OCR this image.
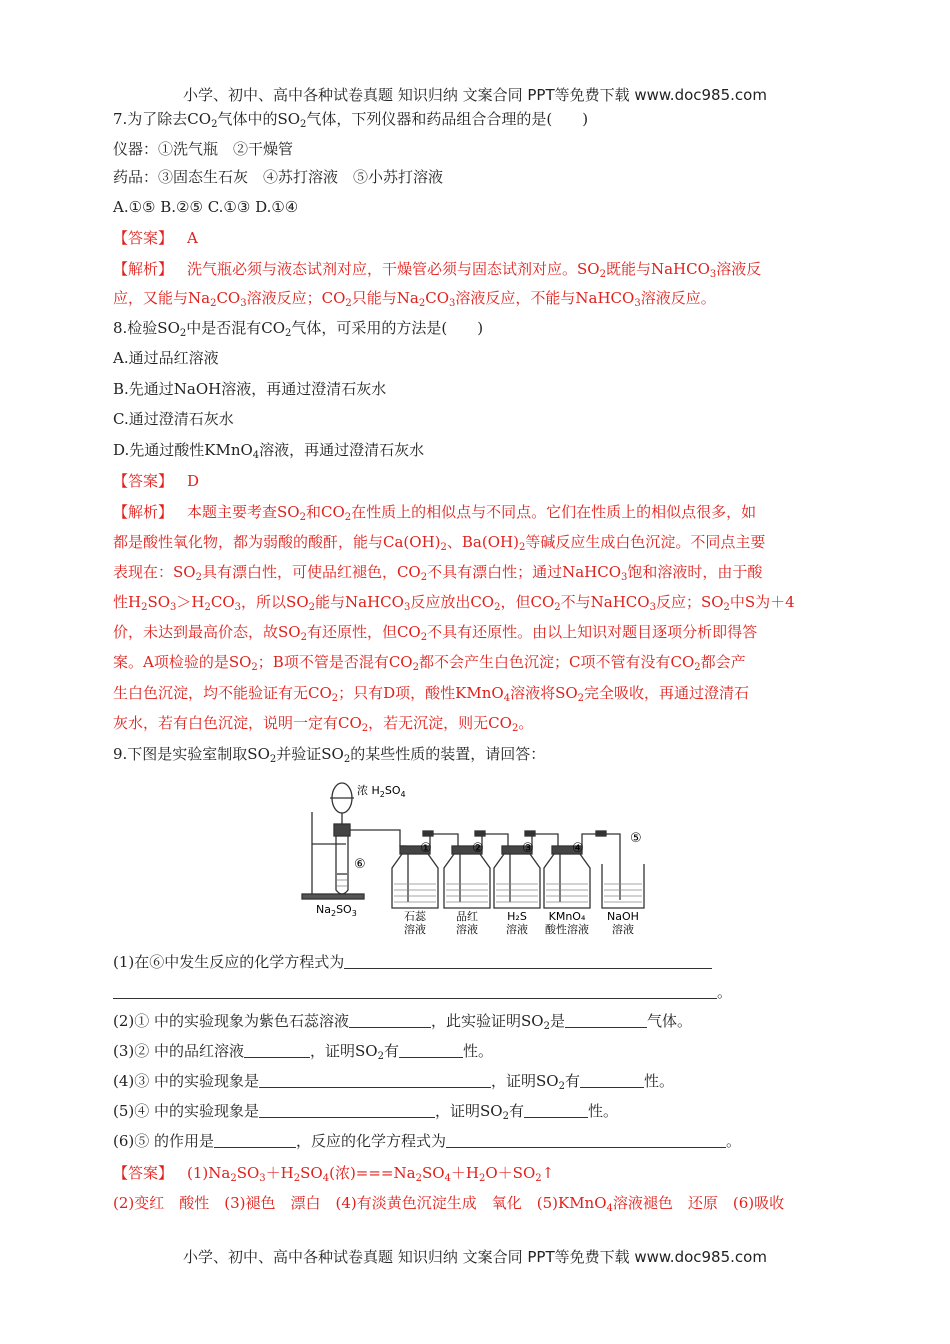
小学、初中、高中各种试卷真题 知识归纳 文案合同 PPT等免费下载 www.doc985.com
7.为了除去$CO_2$气体中的$SO_2$气体，下列仪器和药品组合合理的是(　　)
仪器：①洗气瓶　②干燥管
药品：③固态生石灰　④苏打溶液　⑤小苏打溶液
A.①⑤ B.②⑤ C.①③ D.①④
【答案】 A
【解析】 洗气瓶必须与液态试剂对应，干燥管必须与固态试剂对应。$SO_2$既能与NaHCO$_3$溶液反
应，又能与$Na_2CO_3$溶液反应；$CO_2$只能与$Na_2CO_3$溶液反应，不能与NaHCO$_3$溶液反应。
8.检验$SO_2$中是否混有$CO_2$气体，可采用的方法是(　　)
A.通过品红溶液
B.先通过NaOH溶液，再通过澄清石灰水
C.通过澄清石灰水
D.先通过酸性KMnO$_4$溶液，再通过澄清石灰水
【答案】 D
【解析】 本题主要考查$SO_2$和$CO_2$在性质上的相似点与不同点。它们在性质上的相似点很多，如
都是酸性氧化物，都为弱酸的酸酐，能与$Ca(OH)_2$、$Ba(OH)_2$等碱反应生成白色沉淀。不同点主要
表现在：$SO_2$具有漂白性，可使品红褪色，$CO_2$不具有漂白性；通过NaHCO$_3$饱和溶液时，由于酸
性$H_2SO_3>H_2CO_3$，所以$SO_2$能与NaHCO$_3$反应放出$CO_2$，但$CO_2$不与NaHCO$_3$反应；$SO_2$中S为＋4
价，未达到最高价态，故$SO_2$有还原性，但$CO_2$不具有还原性。由以上知识对题目逐项分析即得答
案。A项检验的是$SO_2$；B项不管是否混有$CO_2$都不会产生白色沉淀；C项不管有没有$CO_2$都会产
生白色沉淀，均不能验证有无$CO_2$；只有D项，酸性KMnO$_4$溶液将$SO_2$完全吸收，再通过澄清石
灰水，若有白色沉淀，说明一定有$CO_2$，若无沉淀，则无$CO_2$。
9.下图是实验室制取$SO_2$并验证$SO_2$的某些性质的装置，请回答：
浓 $H_2SO_4$
⑥
$Na_2SO_3$
①	②	③	④
⑤
石蕊
溶液
品红
溶液
H₂S
溶液
KMnO₄
酸性溶液
NaOH
溶液
(1)在⑥中发生反应的化学方程式为
。
(2)① 中的实验现象为紫色石蕊溶液	，此实验证明$SO_2$是	气体。
(3)② 中的品红溶液	，证明$SO_2$有	性。
(4)③ 中的实验现象是	，证明$SO_2$有	性。
(5)④ 中的实验现象是	，证明$SO_2$有	性。
(6)⑤ 的作用是	，反应的化学方程式为	。
【答案】 $(1)Na_2SO_3+H_2SO_4$(浓)$===Na_2SO_4+H_2O+SO_2↑$
(2)变红　酸性　(3)褪色　漂白　(4)有淡黄色沉淀生成　氧化　(5)KMnO$_4$溶液褪色　还原　(6)吸收
小学、初中、高中各种试卷真题 知识归纳 文案合同 PPT等免费下载 www.doc985.com
